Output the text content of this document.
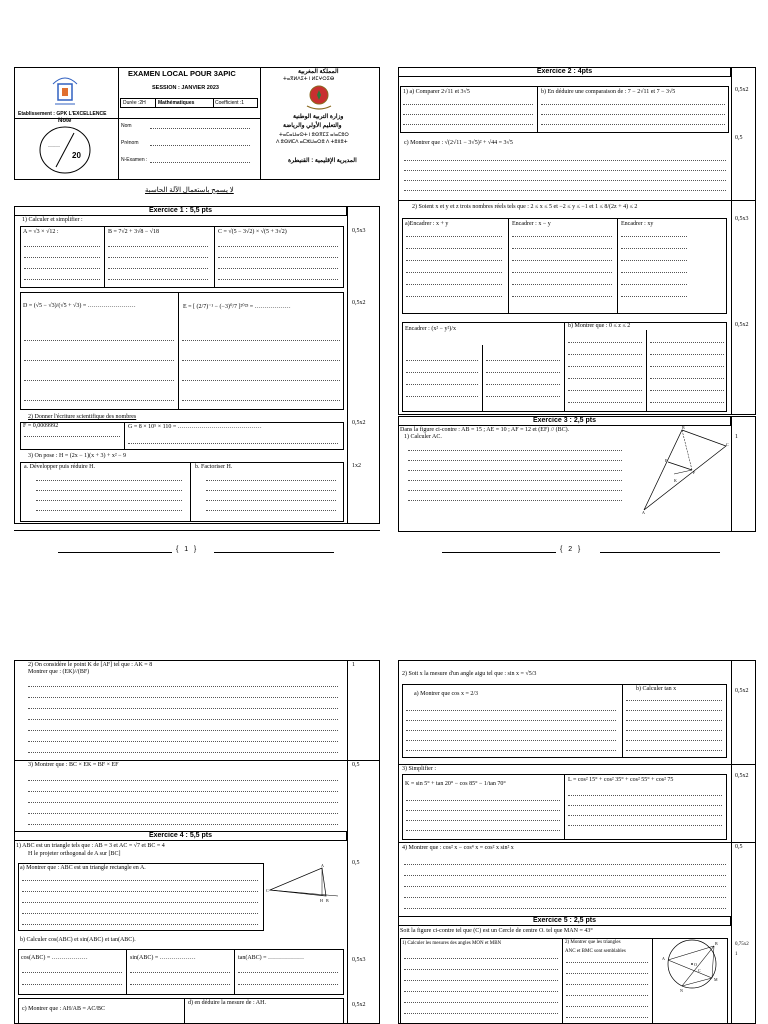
Etablissement : GPK L'EXCELLENCE
Note
……
20
EXAMEN LOCAL POUR 3APIC
SESSION : JANVIER 2023
Durée :2H Mathématiques	Coefficient :1
Nom
Prénom
N-Examen :
المملكة المغربية
ⵜⴰⴳⵍⴷⵉⵜ ⵏ ⵍⵎⵖⵔⵉⴱ
وزارة التربية الوطنية
والتعليم الأولي والرياضة
ⵜⴰⵎⴰⵡⴰⵙⵜ ⵏ ⵓⵙⴳⵎⵉ ⴰⵏⴰⵎⵓⵔ
ⴷ ⵓⵙⵍⵎⴷ ⴰⵎⵣⵡⴰⵔⵓ ⴷ ⵜⵓⵏⵏⵓⵜ
المديرية الإقليمية : القنيطرة
لا يسمح باستعمال الآلة الحاسبة
Exercice 1 : 5,5 pts
1) Calculer et simplifier :
0,5x3
A = √3 × √12 :	B = 7√2 + 3√8 − √18	C = √(5 − 3√2) × √(5 + 3√2)
D = (√5 − √3)/(√5 + √3) = ……………………	E = [ (2/7)⁻¹ − (−3)⁰/7 ]²⁰²³ = ………………
0,5x2
2) Donner l'écriture scientifique des nombres
0,5x2
F = 0,0009992	G = 8 × 10⁵ × 110 = ……………………………………
3) On pose : H = (2x − 1)(x + 3) + x² − 9
1x2
a. Développer puis réduire H.	b. Factoriser H.
{   1   }
Exercice 2 : 4pts
0,5x2
1) a) Comparer 2√11 et 3√5	b) En déduire une comparaison de : 7 − 2√11 et 7 − 3√5
0,5
c) Montrer que : √(2√11 − 3√5)² + √44 = 3√5
2) Soient x et y et z trois nombres réels tels que : 2 ≤ x ≤ 5 et −2 ≤ y ≤ −1 et 1 ≤ 8/(2z + 4) ≤ 2
0,5x3
a)Encadrer : x + y	Encadrer : x − y	Encadrer : xy
0,5x2
Encadrer : (x² − y²)/x	b) Montrer que : 0 ≤ z ≤ 2
Exercice 3 : 2,5 pts
Dans la figure ci-contre : AB = 15 ; AE = 10 ; AF = 12 et (EF) // (BC).
1) Calculer AC.	1
B
C
A
E
F
K
{   2   }
2) On considère le point K de [AF] tel que : AK = 8
Montrer que : (EK)//(BF)
1
3) Montrer que : BC × EK = BF × EF	0,5
Exercice 4 : 5,5 pts
1) ABC est un triangle tels que : AB = 3 et AC = √7 et BC = 4
H le projeter orthogonal de A sur [BC]
0,5
a) Montrer que : ABC est un triangle rectangle en A.
C
A
B
H
b) Calculer cos(ABC) et sin(ABC) et tan(ABC).
0,5x3
cos(ABC) = ………………	sin(ABC) = ………………	tan(ABC) = ………………
0,5x2
c) Montrer que : AH/AB = AC/BC
d) en déduire la mesure de : AH.
2) Soit x la mesure d'un angle aigu tel que : sin x = √5/3
0,5x2
a) Montrer que cos x = 2/3
b) Calculer tan x
3) Simplifier :
0,5x2
K = sin 5° + tan 20° − cos 85° − 1/tan 70°
L = cos² 15° + cos² 35° + cos² 55° + cos² 75
4) Montrer que : cos² x − cos⁴ x = cos² x sin² x	0,5
Exercice 5 : 2,5 pts
Soit la figure ci-contre tel que (C) est un Cercle de centre O. tel que MAN = 43°
0,75x2
1
1) Calculer les mesures des angles MON et MBN	2) Montrer que les triangles
ANC et BMC sont semblables
A
B
N
M
O
C
